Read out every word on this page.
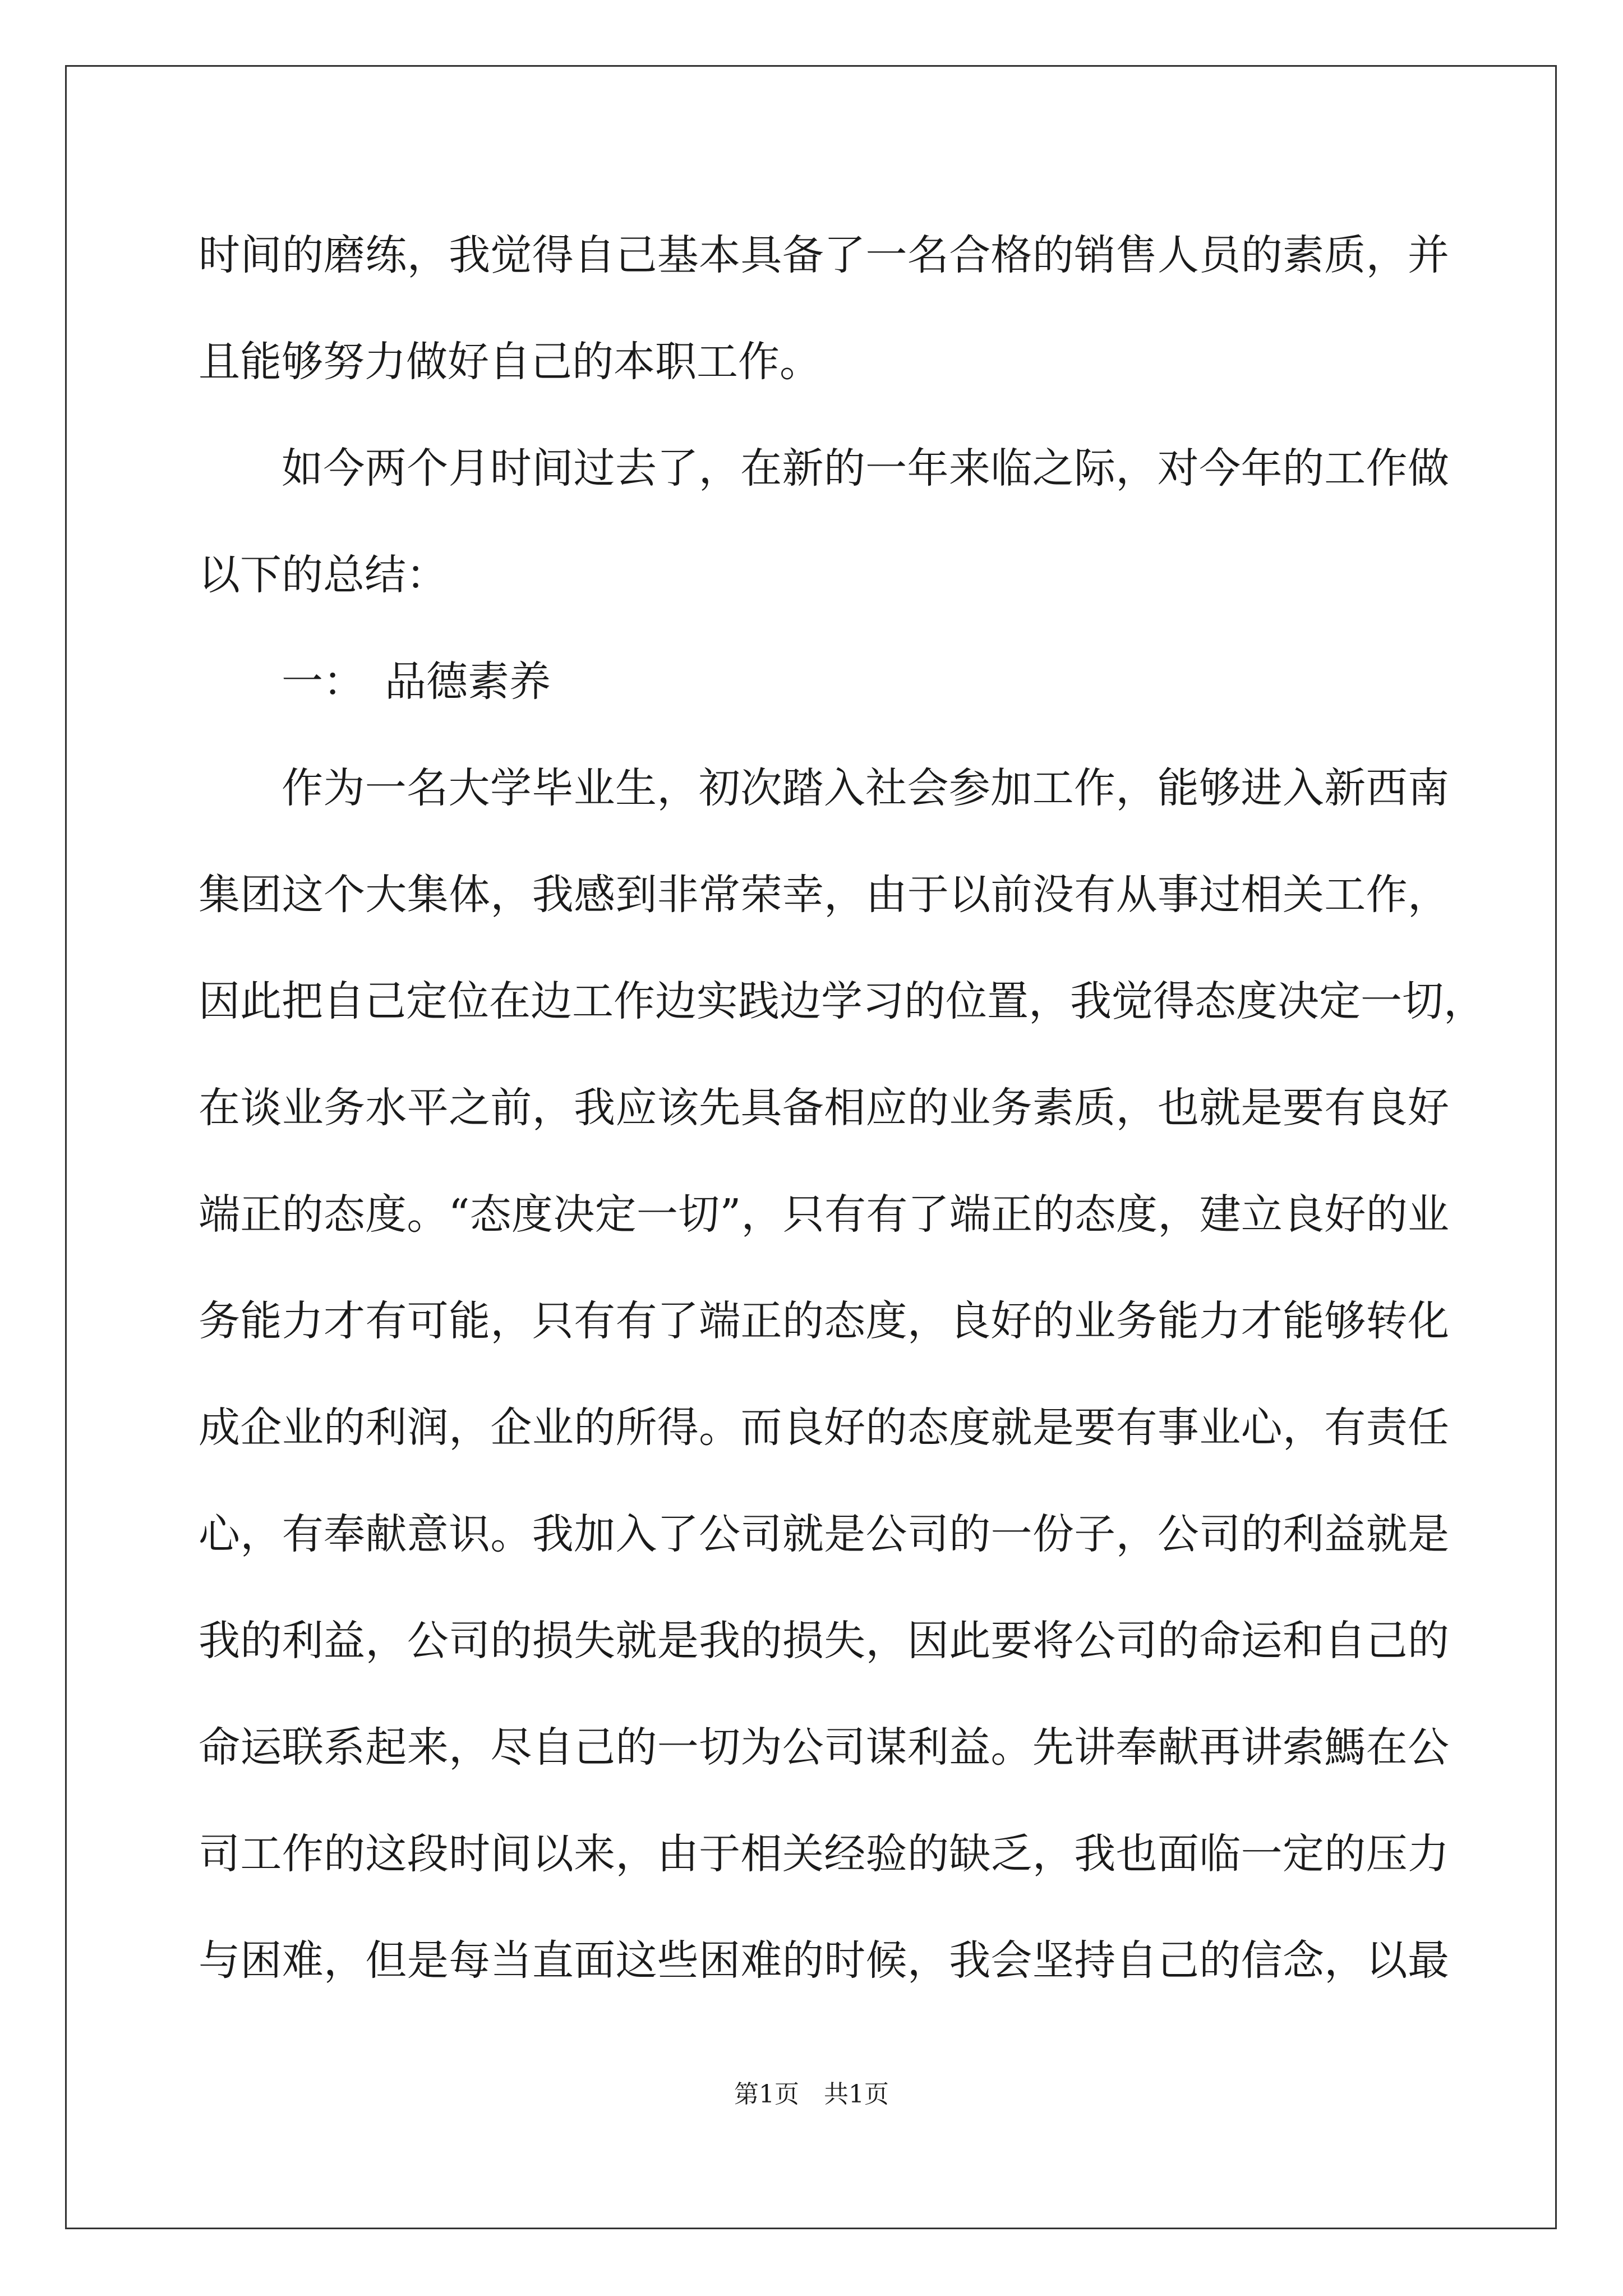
时间的磨练，我觉得自己基本具备了一名合格的销售人员的素质，并
且能够努力做好自己的本职工作。
如今两个月时间过去了，在新的一年来临之际，对今年的工作做
以下的总结：
一： 品德素养
作为一名大学毕业生，初次踏入社会参加工作，能够进入新西南
集团这个大集体，我感到非常荣幸，由于以前没有从事过相关工作，
因此把自己定位在边工作边实践边学习的位置，我觉得态度决定一切，
在谈业务水平之前，我应该先具备相应的业务素质，也就是要有良好
端正的态度。“态度决定一切”，只有有了端正的态度，建立良好的业
务能力才有可能，只有有了端正的态度，良好的业务能力才能够转化
成企业的利润，企业的所得。而良好的态度就是要有事业心，有责任
心，有奉献意识。我加入了公司就是公司的一份子，公司的利益就是
我的利益，公司的损失就是我的损失，因此要将公司的命运和自己的
命运联系起来，尽自己的一切为公司谋利益。先讲奉献再讲索鰢在公
司工作的这段时间以来，由于相关经验的缺乏，我也面临一定的压力
与困难，但是每当直面这些困难的时候，我会坚持自己的信念，以最
第1页　共1页
